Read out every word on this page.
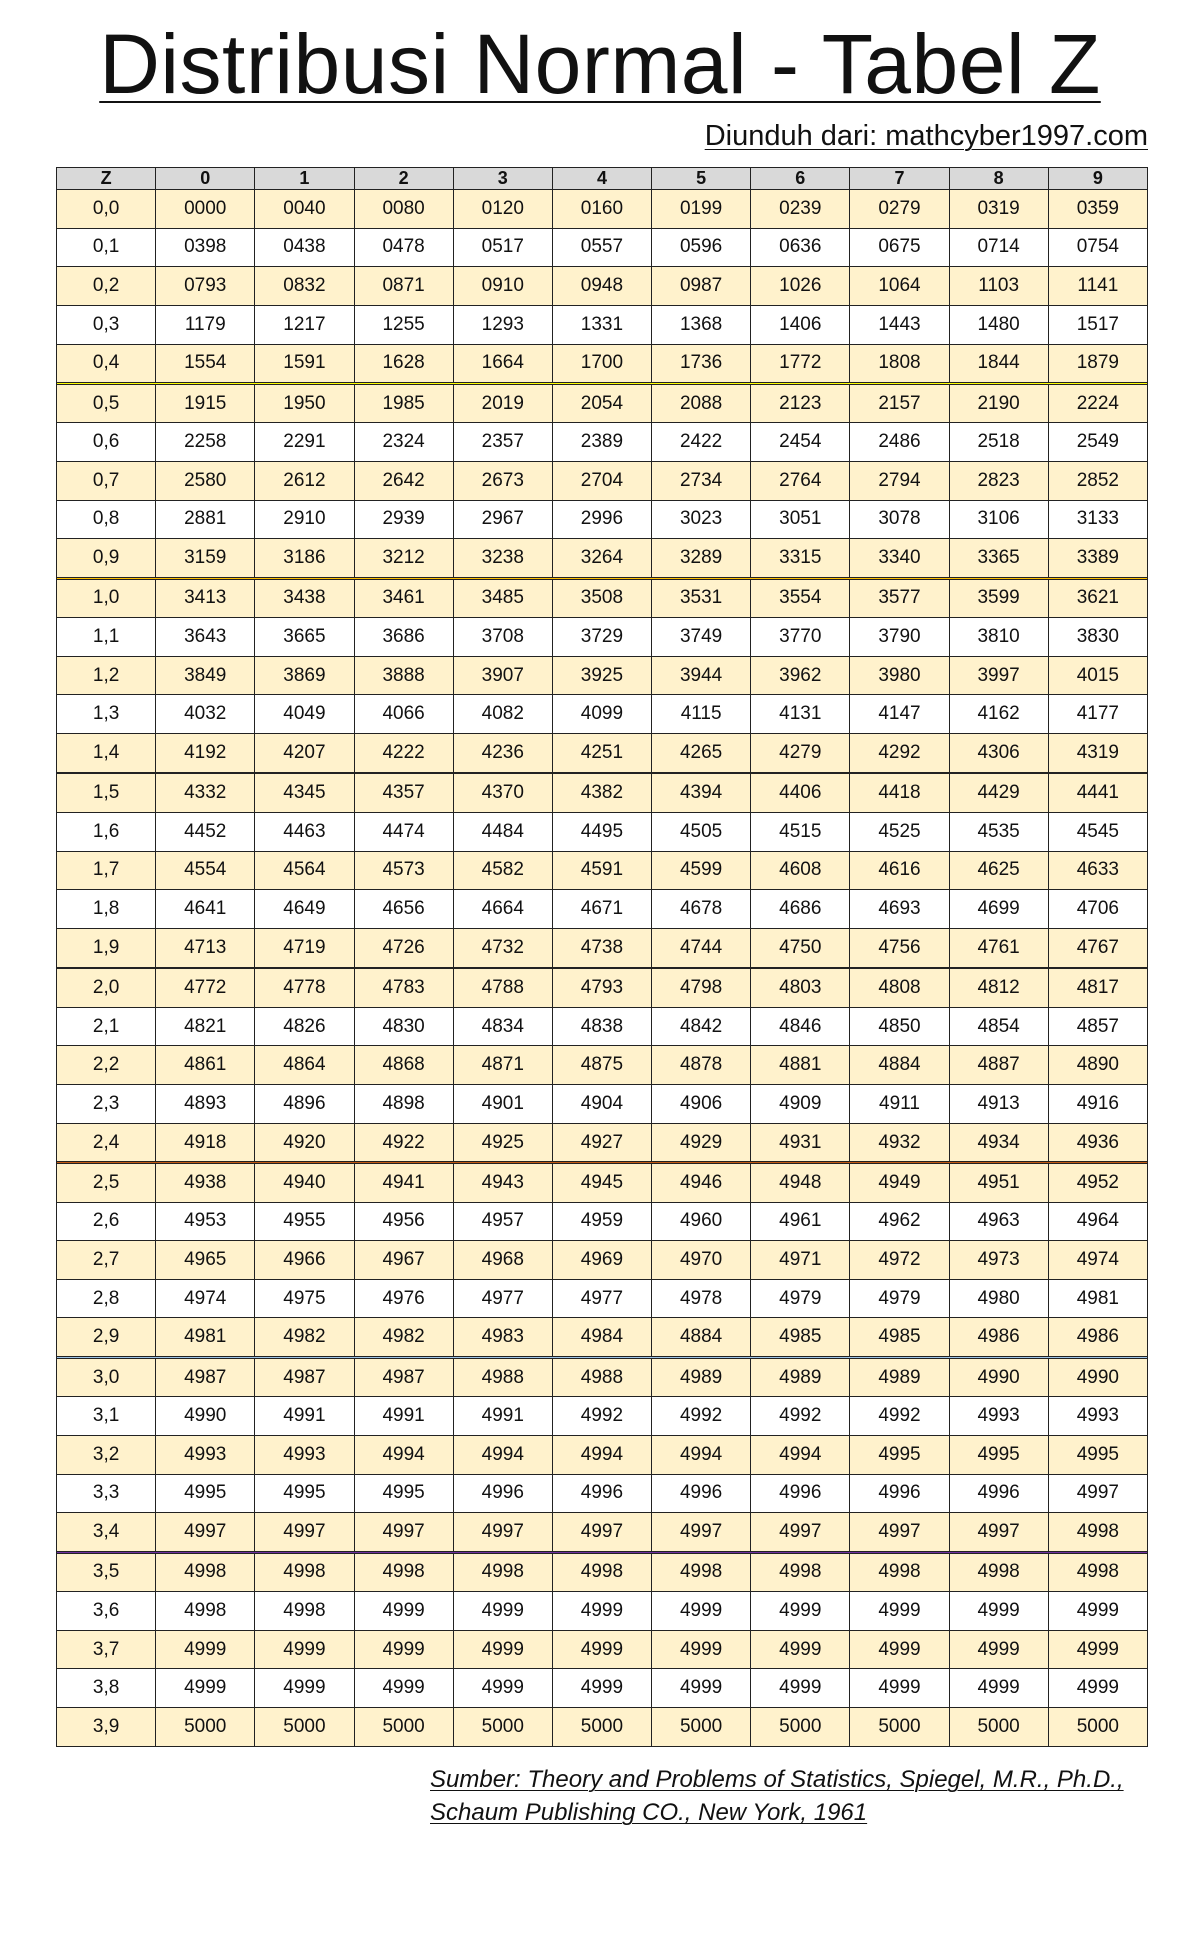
Distribusi Normal - Tabel Z
Diunduh dari: mathcyber1997.com
Z	0	1	2	3	4	5	6	7	8	9
0,0	0000	0040	0080	0120	0160	0199	0239	0279	0319	0359
0,1	0398	0438	0478	0517	0557	0596	0636	0675	0714	0754
0,2	0793	0832	0871	0910	0948	0987	1026	1064	1103	1141
0,3	1179	1217	1255	1293	1331	1368	1406	1443	1480	1517
0,4	1554	1591	1628	1664	1700	1736	1772	1808	1844	1879

0,5	1915	1950	1985	2019	2054	2088	2123	2157	2190	2224
0,6	2258	2291	2324	2357	2389	2422	2454	2486	2518	2549
0,7	2580	2612	2642	2673	2704	2734	2764	2794	2823	2852
0,8	2881	2910	2939	2967	2996	3023	3051	3078	3106	3133
0,9	3159	3186	3212	3238	3264	3289	3315	3340	3365	3389

1,0	3413	3438	3461	3485	3508	3531	3554	3577	3599	3621
1,1	3643	3665	3686	3708	3729	3749	3770	3790	3810	3830
1,2	3849	3869	3888	3907	3925	3944	3962	3980	3997	4015
1,3	4032	4049	4066	4082	4099	4115	4131	4147	4162	4177
1,4	4192	4207	4222	4236	4251	4265	4279	4292	4306	4319

1,5	4332	4345	4357	4370	4382	4394	4406	4418	4429	4441
1,6	4452	4463	4474	4484	4495	4505	4515	4525	4535	4545
1,7	4554	4564	4573	4582	4591	4599	4608	4616	4625	4633
1,8	4641	4649	4656	4664	4671	4678	4686	4693	4699	4706
1,9	4713	4719	4726	4732	4738	4744	4750	4756	4761	4767

2,0	4772	4778	4783	4788	4793	4798	4803	4808	4812	4817
2,1	4821	4826	4830	4834	4838	4842	4846	4850	4854	4857
2,2	4861	4864	4868	4871	4875	4878	4881	4884	4887	4890
2,3	4893	4896	4898	4901	4904	4906	4909	4911	4913	4916
2,4	4918	4920	4922	4925	4927	4929	4931	4932	4934	4936

2,5	4938	4940	4941	4943	4945	4946	4948	4949	4951	4952
2,6	4953	4955	4956	4957	4959	4960	4961	4962	4963	4964
2,7	4965	4966	4967	4968	4969	4970	4971	4972	4973	4974
2,8	4974	4975	4976	4977	4977	4978	4979	4979	4980	4981
2,9	4981	4982	4982	4983	4984	4884	4985	4985	4986	4986

3,0	4987	4987	4987	4988	4988	4989	4989	4989	4990	4990
3,1	4990	4991	4991	4991	4992	4992	4992	4992	4993	4993
3,2	4993	4993	4994	4994	4994	4994	4994	4995	4995	4995
3,3	4995	4995	4995	4996	4996	4996	4996	4996	4996	4997
3,4	4997	4997	4997	4997	4997	4997	4997	4997	4997	4998

3,5	4998	4998	4998	4998	4998	4998	4998	4998	4998	4998
3,6	4998	4998	4999	4999	4999	4999	4999	4999	4999	4999
3,7	4999	4999	4999	4999	4999	4999	4999	4999	4999	4999
3,8	4999	4999	4999	4999	4999	4999	4999	4999	4999	4999
3,9	5000	5000	5000	5000	5000	5000	5000	5000	5000	5000
Sumber: Theory and Problems of Statistics, Spiegel, M.R., Ph.D.,
Schaum Publishing CO., New York, 1961
